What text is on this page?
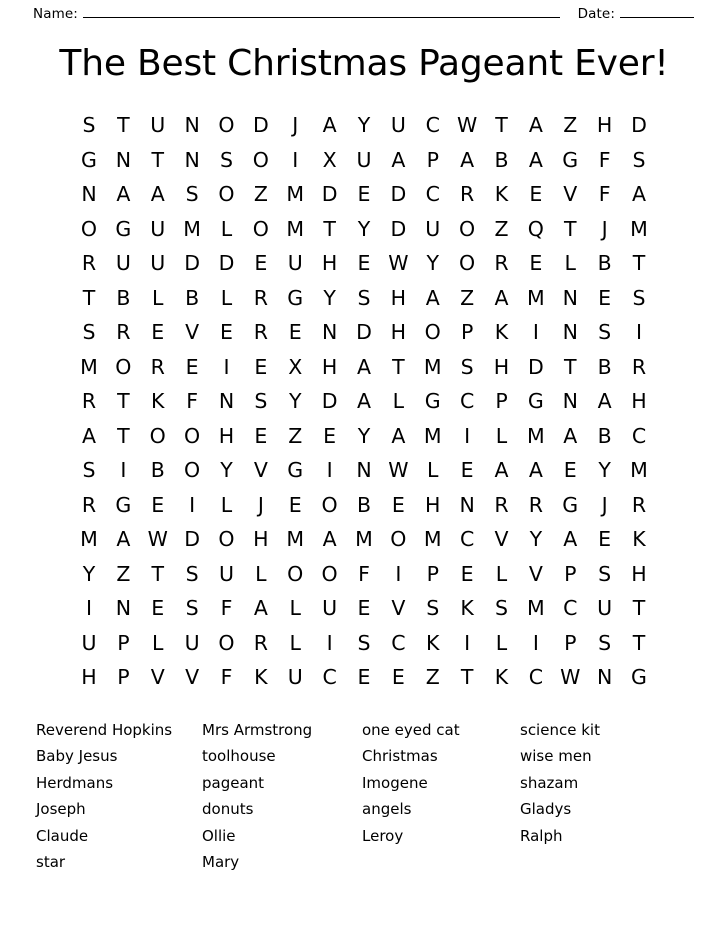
Name:	Date:
The Best Christmas Pageant Ever!
S	T	U N O D	J	A	Y	U C W T	A Z H D
G N T N S O	I	X U A	P	A B A G	F	S
N A A	S O Z M D E D C R	K	E	V	F	A
O G U M L	O M T	Y D U O Z Q T	J	M
R U U D D E U H E W Y O R	E	L	B	T
T	B	L	B	L	R G Y	S H A Z A M N E	S
S	R	E	V	E	R	E N D H O P	K	I	N S	I
M O R	E	I	E	X H A	T M S H D T	B R
R	T	K	F	N S	Y D A	L	G C	P G N A H
A	T O O H E	Z	E	Y	A M	I	L M A B C
S	I	B O Y	V G	I	N W L	E	A A	E	Y M
R G E	I	L	J	E O B	E H N R R G	J	R
M A W D O H M A M O M C V	Y	A	E	K
Y	Z	T	S U	L	O O F	I	P	E	L	V	P	S H
I	N E	S	F	A	L	U E	V	S	K	S M C U	T
U	P	L	U O R	L	I	S	C K	I	L	I	P	S	T
H P	V V	F	K U C	E	E	Z	T	K C W N G
Reverend Hopkins
Baby Jesus
Herdmans
Joseph
Claude
star
Mrs Armstrong
toolhouse
pageant
donuts
Ollie
Mary
one eyed cat
Christmas
Imogene
angels
Leroy
science kit
wise men
shazam
Gladys
Ralph
